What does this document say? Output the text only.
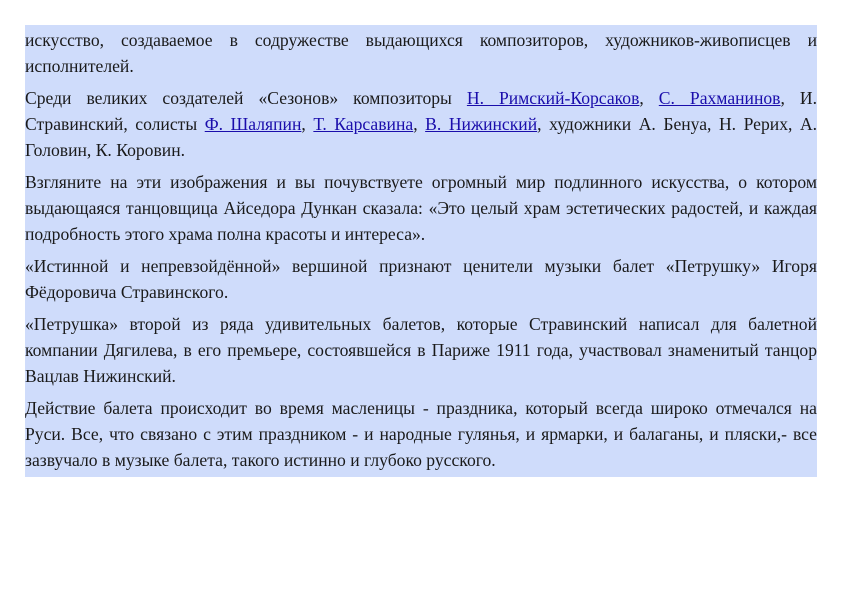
искусство, создаваемое в содружестве выдающихся композиторов, художников-живописцев и исполнителей.

Среди великих создателей «Сезонов» композиторы Н. Римский-Корсаков, С. Рахманинов, И. Стравинский, солисты Ф. Шаляпин, Т. Карсавина, В. Нижинский, художники А. Бенуа, Н. Рерих, А. Головин, К. Коровин.

Взгляните на эти изображения и вы почувствуете огромный мир подлинного искусства, о котором выдающаяся танцовщица Айседора Дункан сказала: «Это целый храм эстетических радостей, и каждая подробность этого храма полна красоты и интереса».

«Истинной и непревзойдённой» вершиной признают ценители музыки балет «Петрушку» Игоря Фёдоровича Стравинского.

«Петрушка» второй из ряда удивительных балетов, которые Стравинский написал для балетной компании Дягилева, в его премьере, состоявшейся в Париже 1911 года, участвовал знаменитый танцор Вацлав Нижинский.

Действие балета происходит во время масленицы - праздника, который всегда широко отмечался на Руси. Все, что связано с этим праздником - и народные гулянья, и ярмарки, и балаганы, и пляски,- все зазвучало в музыке балета, такого истинно и глубоко русского.
